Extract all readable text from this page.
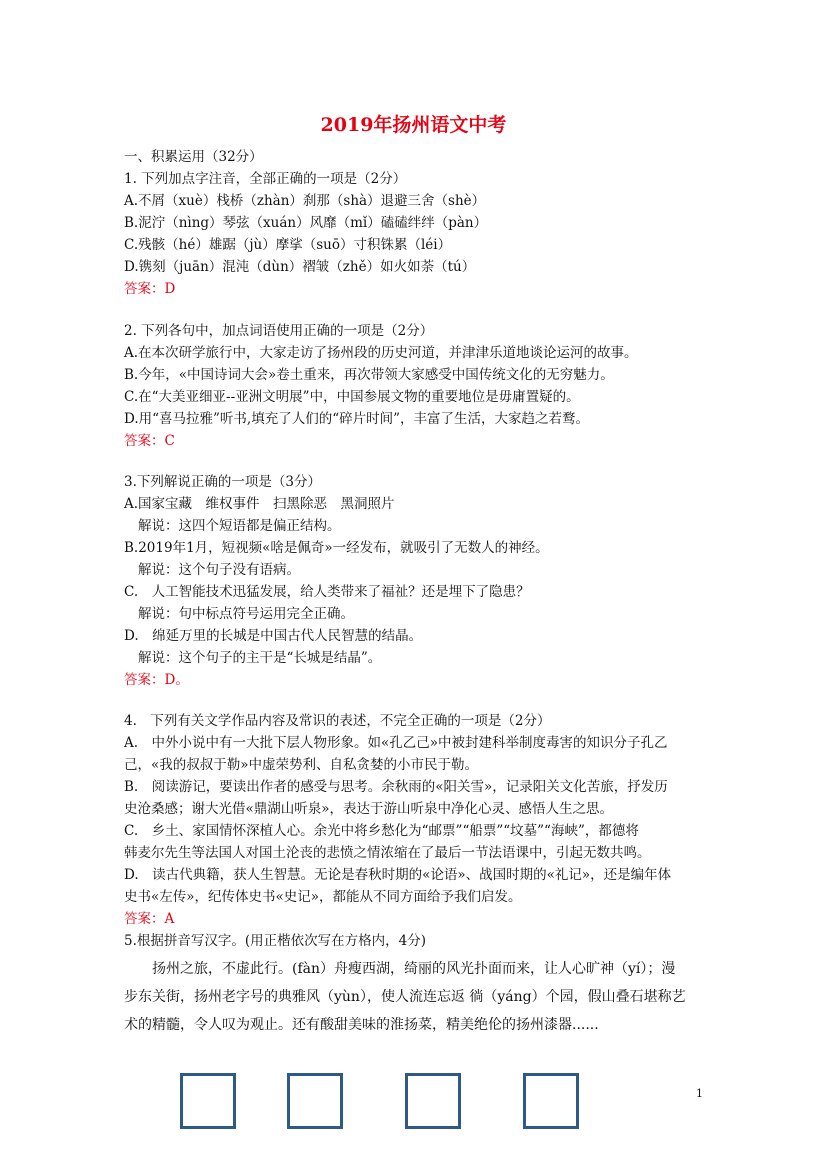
2019年扬州语文中考
一、积累运用（32分）
1. 下列加点字注音，全部正确的一项是（2分）
A.不屑（xuè）栈桥（zhàn）刹那（shà）退避三舍（shè）
B.泥泞（nìng）琴弦（xuán）风靡（mǐ）磕磕绊绊（pàn）
C.残骸（hé）雄踞（jù）摩挲（suō）寸积铢累（léi）
D.镌刻（juān）混沌（dùn）褶皱（zhě）如火如荼（tú）
答案：D
2. 下列各句中，加点词语使用正确的一项是（2分）
A.在本次研学旅行中，大家走访了扬州段的历史河道，并津津乐道地谈论运河的故事。
B.今年，«中国诗词大会»卷土重来，再次带领大家感受中国传统文化的无穷魅力。
C.在“大美亚细亚--亚洲文明展”中，中国参展文物的重要地位是毋庸置疑的。
D.用“喜马拉雅”听书,填充了人们的“碎片时间”，丰富了生活，大家趋之若鹜。
答案：C
3.下列解说正确的一项是（3分）
A.国家宝藏　维权事件　扫黑除恶　黑洞照片
解说：这四个短语都是偏正结构。
B.2019年1月，短视频«啥是佩奇»一经发布，就吸引了无数人的神经。
解说：这个句子没有语病。
C.　人工智能技术迅猛发展，给人类带来了福祉？还是埋下了隐患？
解说：句中标点符号运用完全正确。
D.　绵延万里的长城是中国古代人民智慧的结晶。
解说：这个句子的主干是“长城是结晶”。
答案：D。
4.　下列有关文学作品内容及常识的表述，不完全正确的一项是（2分）
A.　中外小说中有一大批下层人物形象。如«孔乙己»中被封建科举制度毒害的知识分子孔乙
己，«我的叔叔于勒»中虚荣势利、自私贪婪的小市民于勒。
B.　阅读游记，要读出作者的感受与思考。余秋雨的«阳关雪»，记录阳关文化苦旅，抒发历
史沧桑感；谢大光借«鼎湖山听泉»，表达于游山听泉中净化心灵、感悟人生之思。
C.　乡土、家国情怀深植人心。余光中将乡愁化为“邮票”“船票”“坟墓”“海峡”，都德将
韩麦尔先生等法国人对国土沦丧的悲愤之情浓缩在了最后一节法语课中，引起无数共鸣。
D.　读古代典籍，获人生智慧。无论是春秋时期的«论语»、战国时期的«礼记»，还是编年体
史书«左传»，纪传体史书«史记»，都能从不同方面给予我们启发。
答案：A
5.根据拼音写汉字。(用正楷依次写在方格内，4分)
　　扬州之旅，不虚此行。(fàn）舟瘦西湖，绮丽的风光扑面而来，让人心旷神（yí）；漫
步东关街，扬州老字号的典雅风（yùn），使人流连忘返 徜（yáng）个园，假山叠石堪称艺
术的精髓，令人叹为观止。还有酸甜美味的淮扬菜，精美绝伦的扬州漆器......
1
